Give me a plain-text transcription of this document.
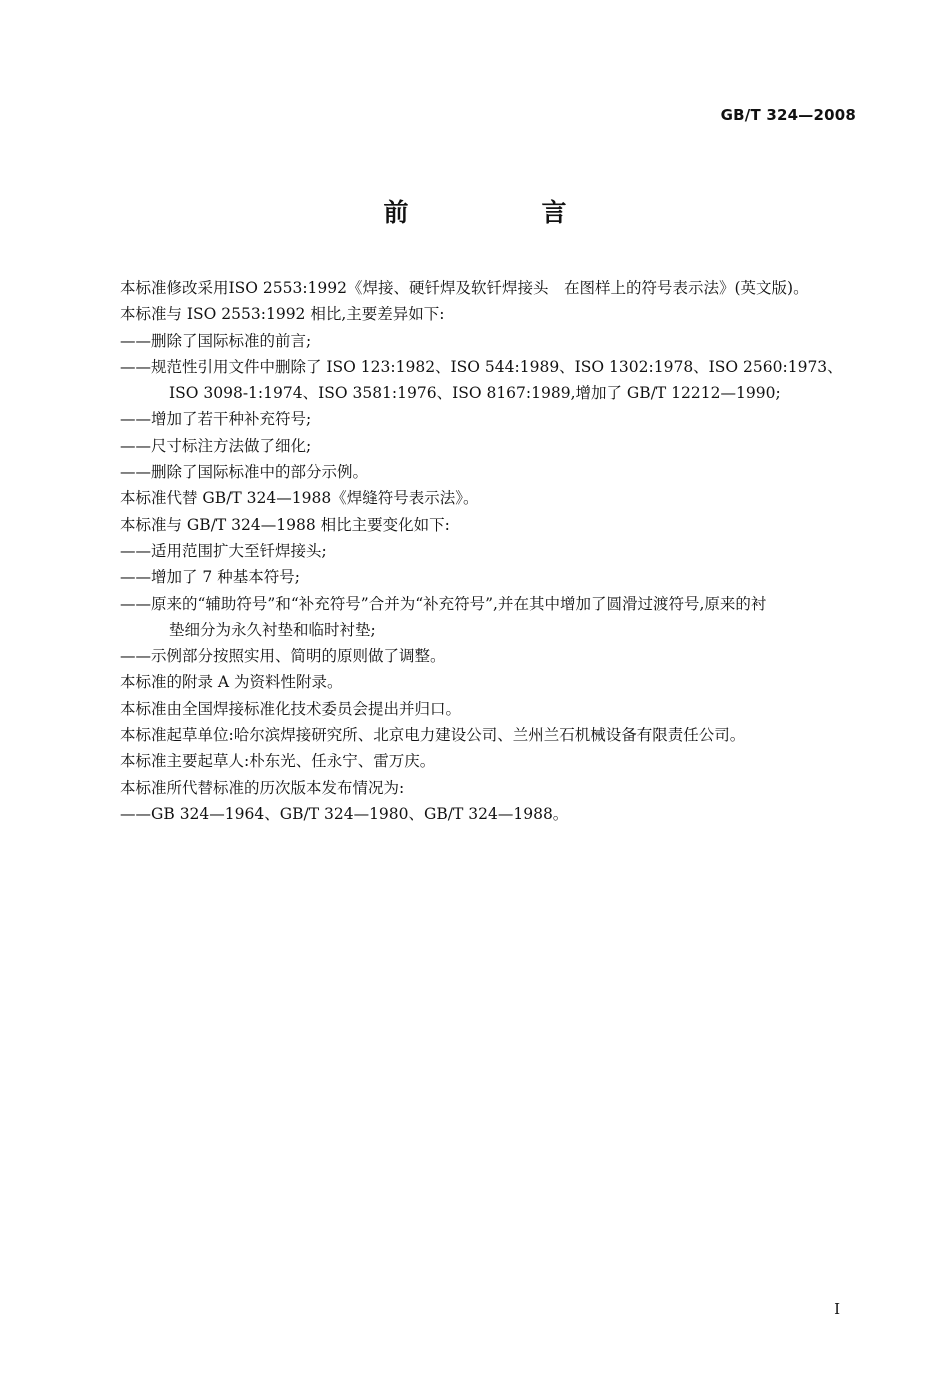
GB/T 324—2008
前　言
本标准修改采用ISO 2553:1992《焊接、硬钎焊及软钎焊接头　在图样上的符号表示法》(英文版)。
本标准与 ISO 2553:1992 相比,主要差异如下:
——删除了国际标准的前言;
——规范性引用文件中删除了 ISO 123:1982、ISO 544:1989、ISO 1302:1978、ISO 2560:1973、
ISO 3098-1:1974、ISO 3581:1976、ISO 8167:1989,增加了 GB/T 12212—1990;
——增加了若干种补充符号;
——尺寸标注方法做了细化;
——删除了国际标准中的部分示例。
本标准代替 GB/T 324—1988《焊缝符号表示法》。
本标准与 GB/T 324—1988 相比主要变化如下:
——适用范围扩大至钎焊接头;
——增加了 7 种基本符号;
——原来的“辅助符号”和“补充符号”合并为“补充符号”,并在其中增加了圆滑过渡符号,原来的衬
垫细分为永久衬垫和临时衬垫;
——示例部分按照实用、简明的原则做了调整。
本标准的附录 A 为资料性附录。
本标准由全国焊接标准化技术委员会提出并归口。
本标准起草单位:哈尔滨焊接研究所、北京电力建设公司、兰州兰石机械设备有限责任公司。
本标准主要起草人:朴东光、任永宁、雷万庆。
本标准所代替标准的历次版本发布情况为:
——GB 324—1964、GB/T 324—1980、GB/T 324—1988。
I
